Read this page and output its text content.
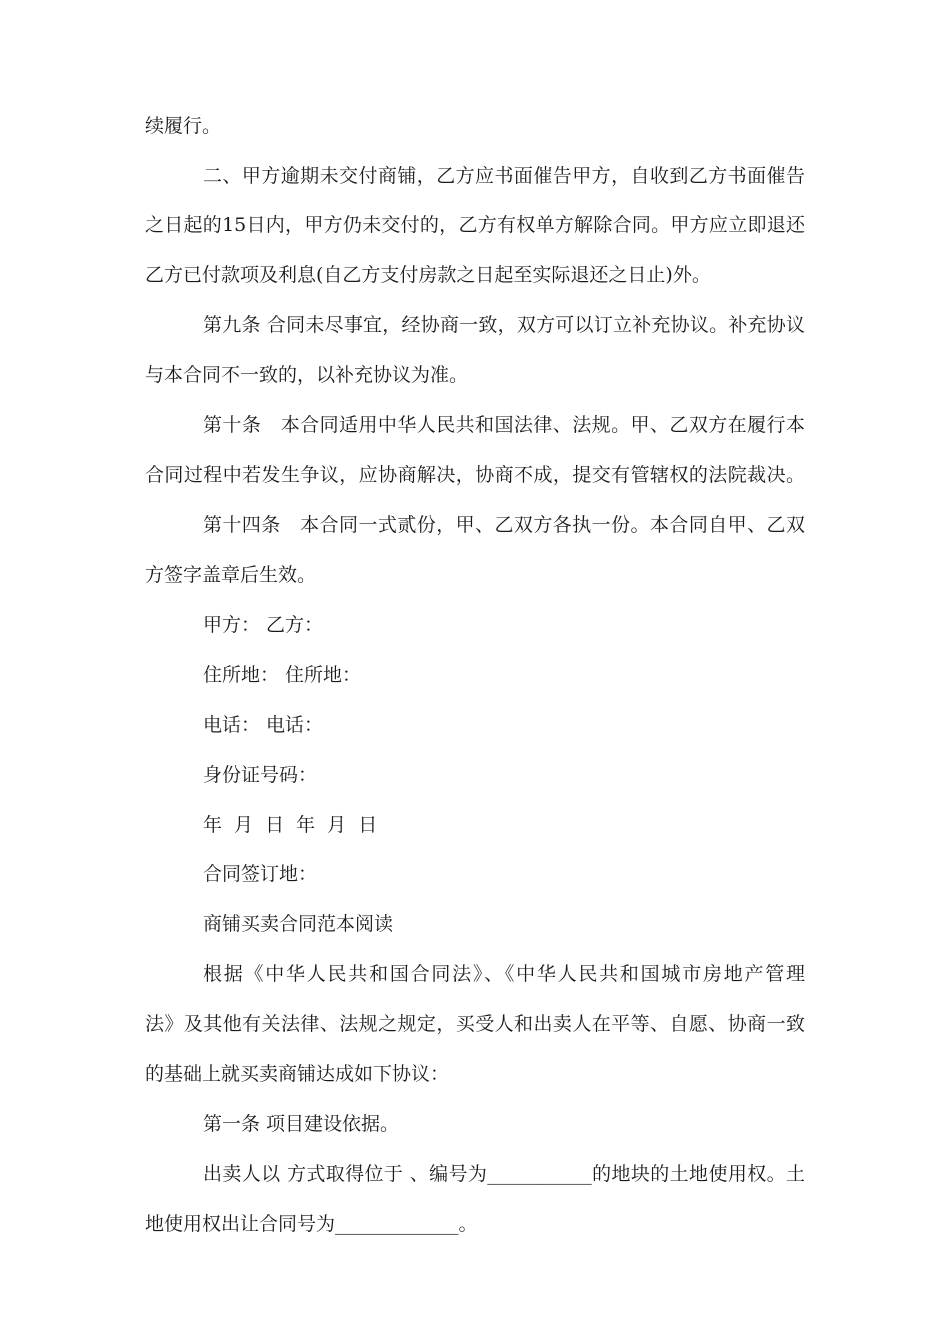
续履行。
二、甲方逾期未交付商铺，乙方应书面催告甲方，自收到乙方书面催告
之日起的15日内，甲方仍未交付的，乙方有权单方解除合同。甲方应立即退还
乙方已付款项及利息(自乙方支付房款之日起至实际退还之日止)外。
第九条 合同未尽事宜，经协商一致，双方可以订立补充协议。补充协议
与本合同不一致的，以补充协议为准。
第十条　本合同适用中华人民共和国法律、法规。甲、乙双方在履行本
合同过程中若发生争议，应协商解决，协商不成，提交有管辖权的法院裁决。
第十四条　本合同一式贰份，甲、乙双方各执一份。本合同自甲、乙双
方签字盖章后生效。
甲方： 乙方：
住所地： 住所地：
电话： 电话：
身份证号码：
年 月 日 年 月 日
合同签订地：
商铺买卖合同范本阅读
根据《中华人民共和国合同法》、《中华人民共和国城市房地产管理
法》及其他有关法律、法规之规定，买受人和出卖人在平等、自愿、协商一致
的基础上就买卖商铺达成如下协议：
第一条 项目建设依据。
出卖人以 方式取得位于 、编号为___________的地块的土地使用权。土
地使用权出让合同号为_____________。
